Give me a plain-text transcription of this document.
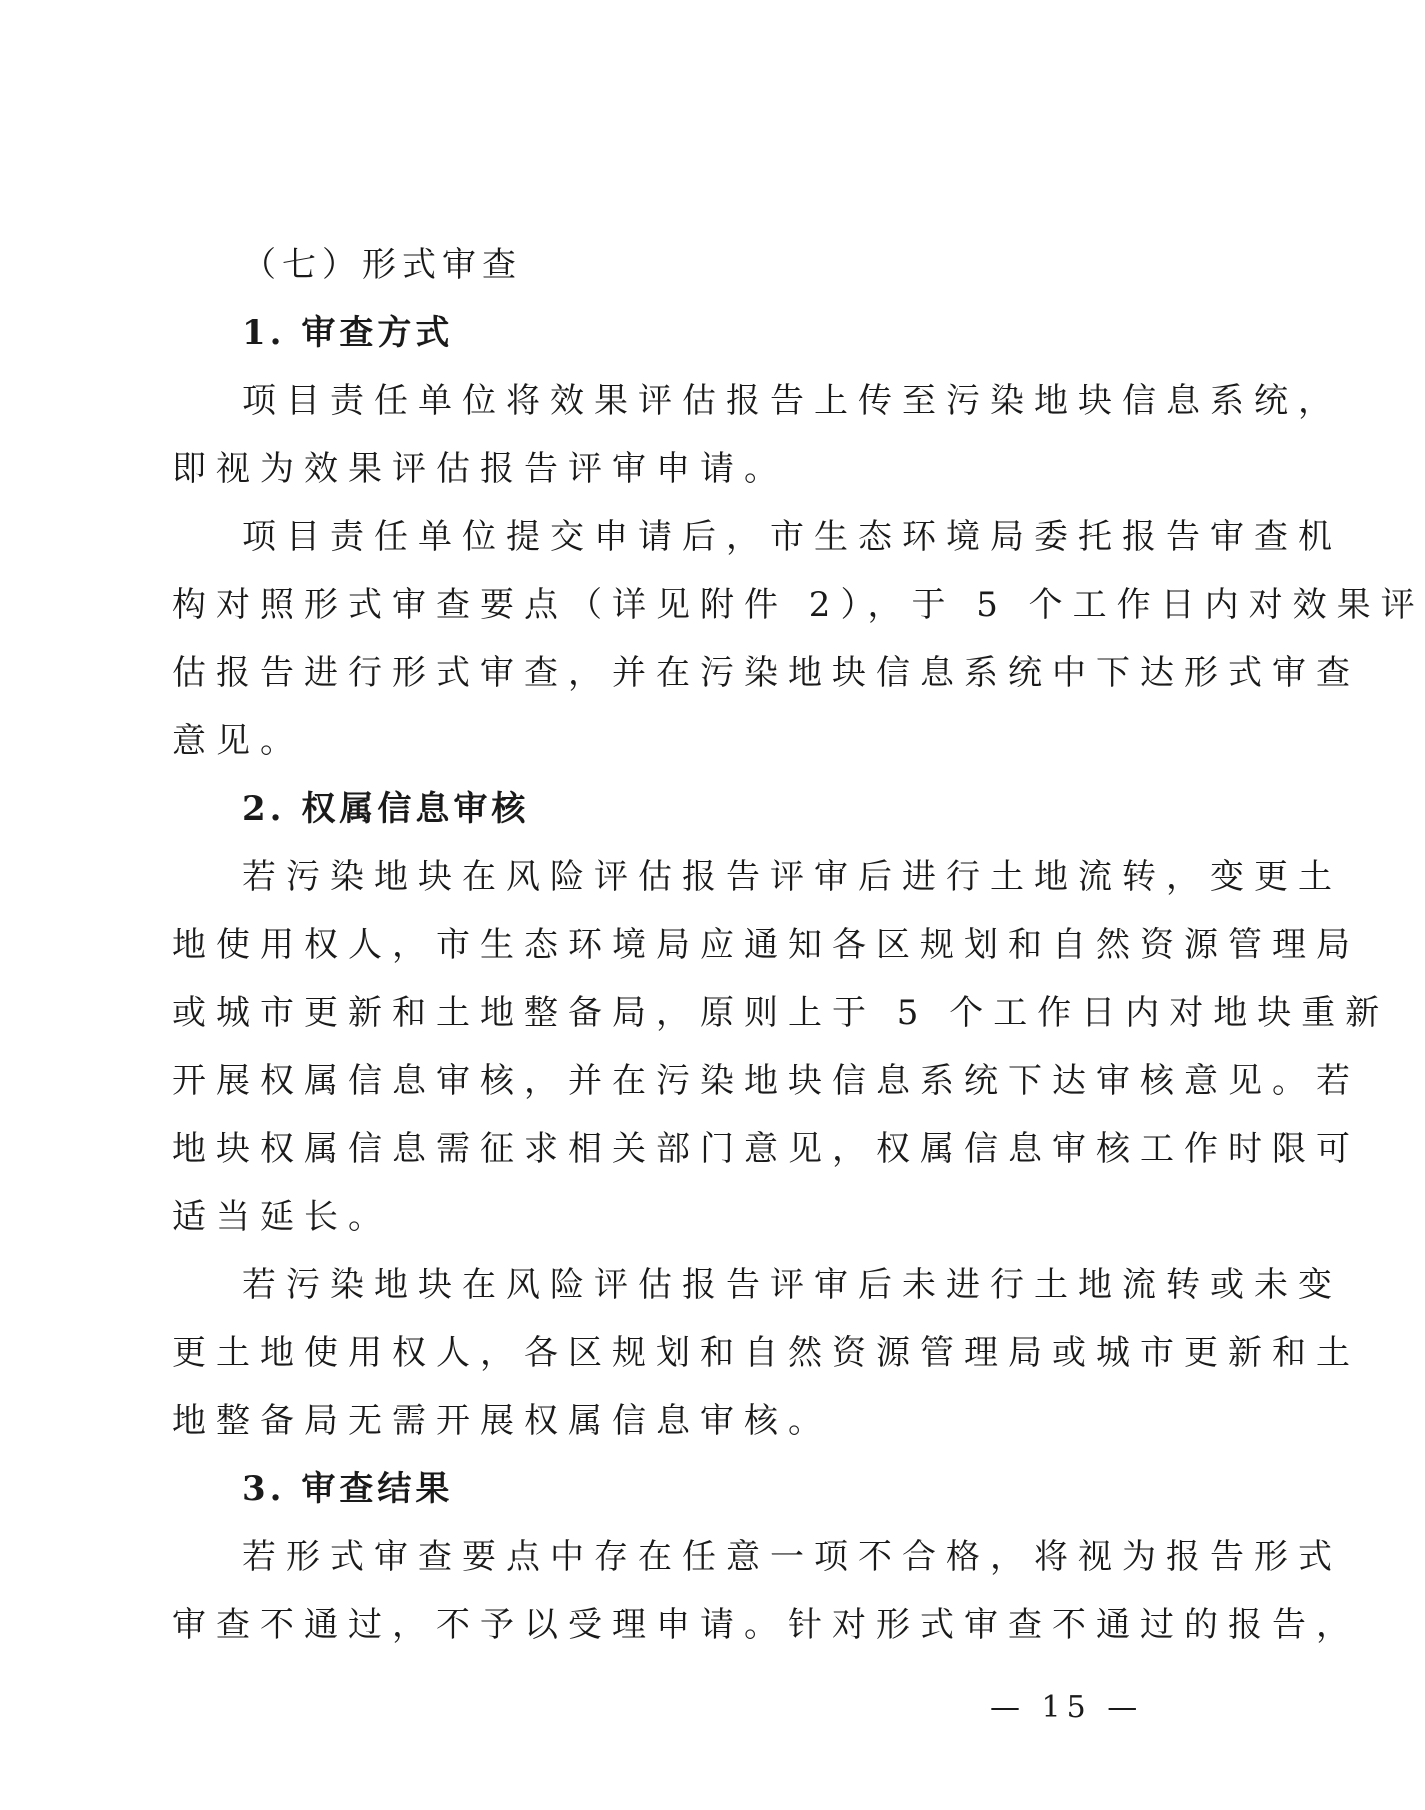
（七）形式审查
1. 审查方式
项目责任单位将效果评估报告上传至污染地块信息系统，
即视为效果评估报告评审申请。
项目责任单位提交申请后，市生态环境局委托报告审查机
构对照形式审查要点（详见附件 2），于 5 个工作日内对效果评
估报告进行形式审查，并在污染地块信息系统中下达形式审查
意见。
2. 权属信息审核
若污染地块在风险评估报告评审后进行土地流转，变更土
地使用权人，市生态环境局应通知各区规划和自然资源管理局
或城市更新和土地整备局，原则上于 5 个工作日内对地块重新
开展权属信息审核，并在污染地块信息系统下达审核意见。若
地块权属信息需征求相关部门意见，权属信息审核工作时限可
适当延长。
若污染地块在风险评估报告评审后未进行土地流转或未变
更土地使用权人，各区规划和自然资源管理局或城市更新和土
地整备局无需开展权属信息审核。
3. 审查结果
若形式审查要点中存在任意一项不合格，将视为报告形式
审查不通过，不予以受理申请。针对形式审查不通过的报告，
— 15 —
